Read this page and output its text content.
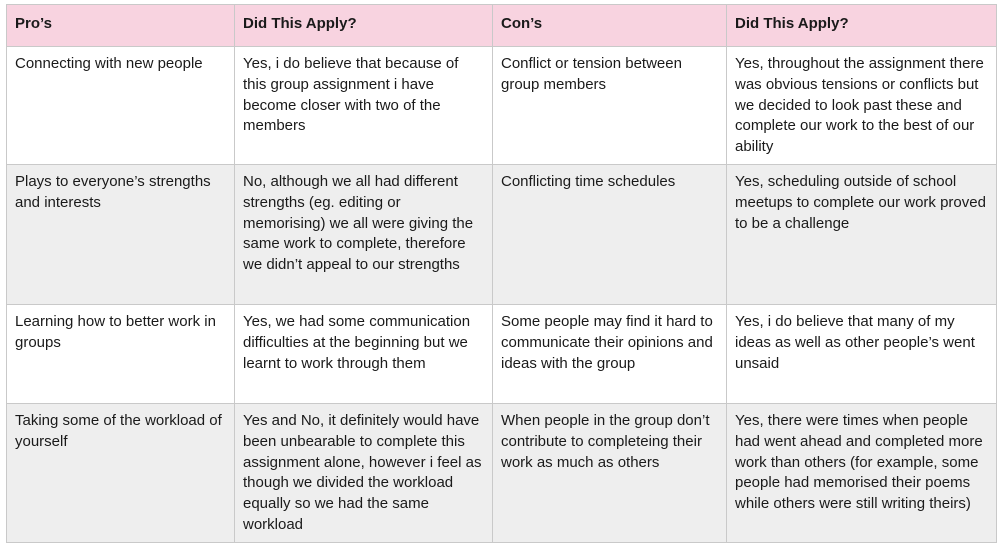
Pro’s	Did This Apply?	Con’s	Did This Apply?
Connecting with new people	Yes, i do believe that because of this group assignment i have become closer with two of the members	Conflict or tension between group members	Yes, throughout the assignment there was obvious tensions or conflicts but we decided to look past these and complete our work to the best of our ability
Plays to everyone’s strengths and interests	No, although we all had different strengths (eg. editing or memorising) we all were giving the same work to complete, therefore we didn’t appeal to our strengths	Conflicting time schedules	Yes, scheduling outside of school meetups to complete our work proved to be a challenge
Learning how to better work in groups	Yes, we had some communication difficulties at the beginning but we learnt to work through them	Some people may find it hard to communicate their opinions and ideas with the group	Yes, i do believe that many of my ideas as well as other people’s went unsaid
Taking some of the workload of yourself	Yes and No, it definitely would have been unbearable to complete this assignment alone, however i feel as though we divided the workload equally so we had the same workload	When people in the group don’t contribute to completeing their work as much as others	Yes, there were times when people had went ahead and completed more work than others (for example, some people had memorised their poems while others were still writing theirs)
